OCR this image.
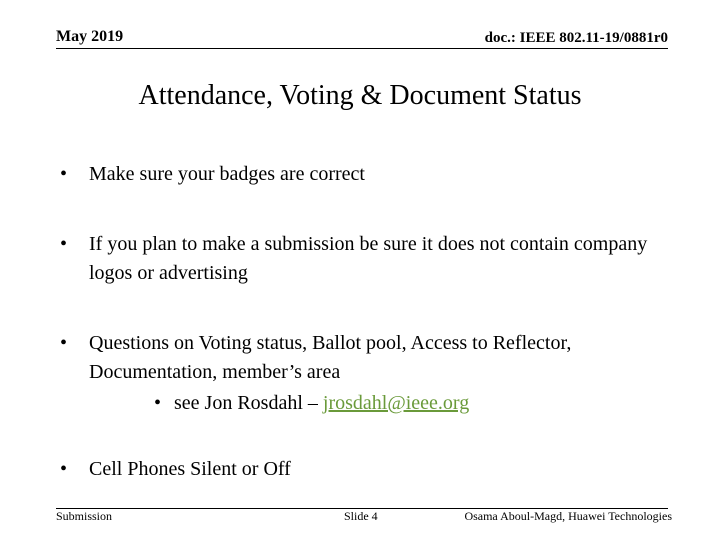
May 2019	doc.: IEEE 802.11-19/0881r0
Attendance, Voting & Document Status
•	Make sure your badges are correct
•	If you plan to make a submission be sure it does not contain company logos or advertising
•	Questions on Voting status, Ballot pool, Access to Reflector, Documentation, member’s area
•	Cell Phones Silent or Off
• see Jon Rosdahl – jrosdahl@ieee.org
Submission	Slide 4	Osama Aboul-Magd, Huawei Technologies
